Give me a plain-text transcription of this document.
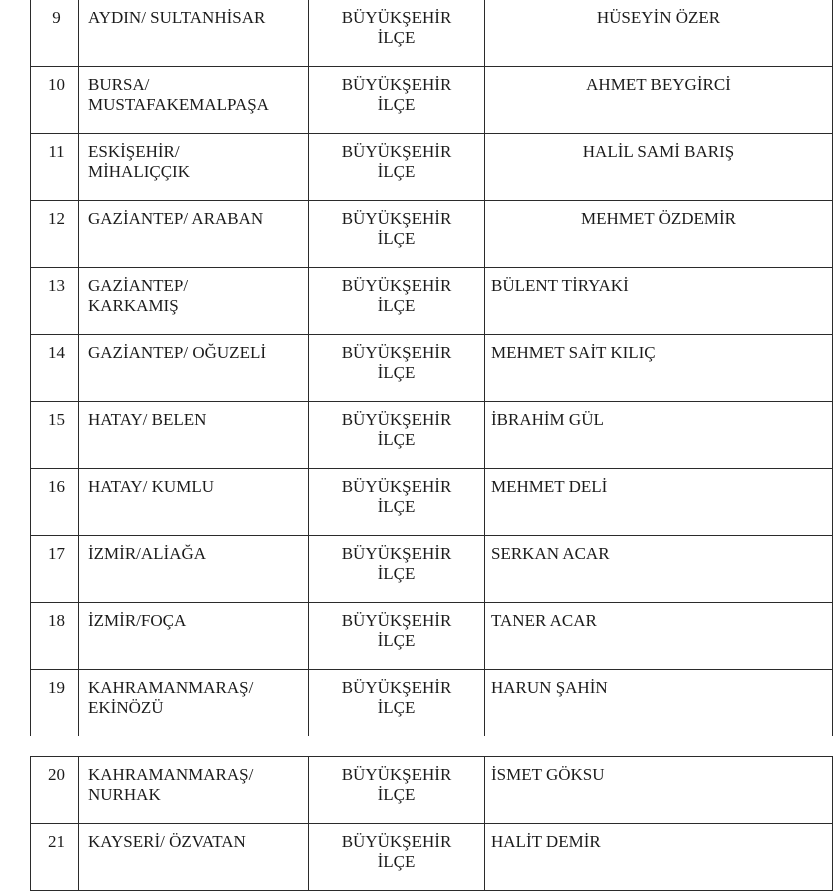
9	AYDIN/ SULTANHİSAR	BÜYÜKŞEHİR
İLÇE	HÜSEYİN ÖZER

10	BURSA/
MUSTAFAKEMALPAŞA	BÜYÜKŞEHİR
İLÇE	AHMET BEYGİRCİ

11	ESKİŞEHİR/
MİHALIÇÇIK	BÜYÜKŞEHİR
İLÇE	HALİL SAMİ BARIŞ

12	GAZİANTEP/ ARABAN	BÜYÜKŞEHİR
İLÇE	MEHMET ÖZDEMİR

13	GAZİANTEP/
KARKAMIŞ	BÜYÜKŞEHİR
İLÇE	BÜLENT TİRYAKİ

14	GAZİANTEP/ OĞUZELİ	BÜYÜKŞEHİR
İLÇE	MEHMET SAİT KILIÇ

15	HATAY/ BELEN	BÜYÜKŞEHİR
İLÇE	İBRAHİM GÜL

16	HATAY/ KUMLU	BÜYÜKŞEHİR
İLÇE	MEHMET DELİ

17	İZMİR/ALİAĞA	BÜYÜKŞEHİR
İLÇE	SERKAN ACAR

18	İZMİR/FOÇA	BÜYÜKŞEHİR
İLÇE	TANER ACAR

19	KAHRAMANMARAŞ/
EKİNÖZÜ	BÜYÜKŞEHİR
İLÇE	HARUN ŞAHİN
20	KAHRAMANMARAŞ/
NURHAK	BÜYÜKŞEHİR
İLÇE	İSMET GÖKSU

21	KAYSERİ/ ÖZVATAN	BÜYÜKŞEHİR
İLÇE	HALİT DEMİR
